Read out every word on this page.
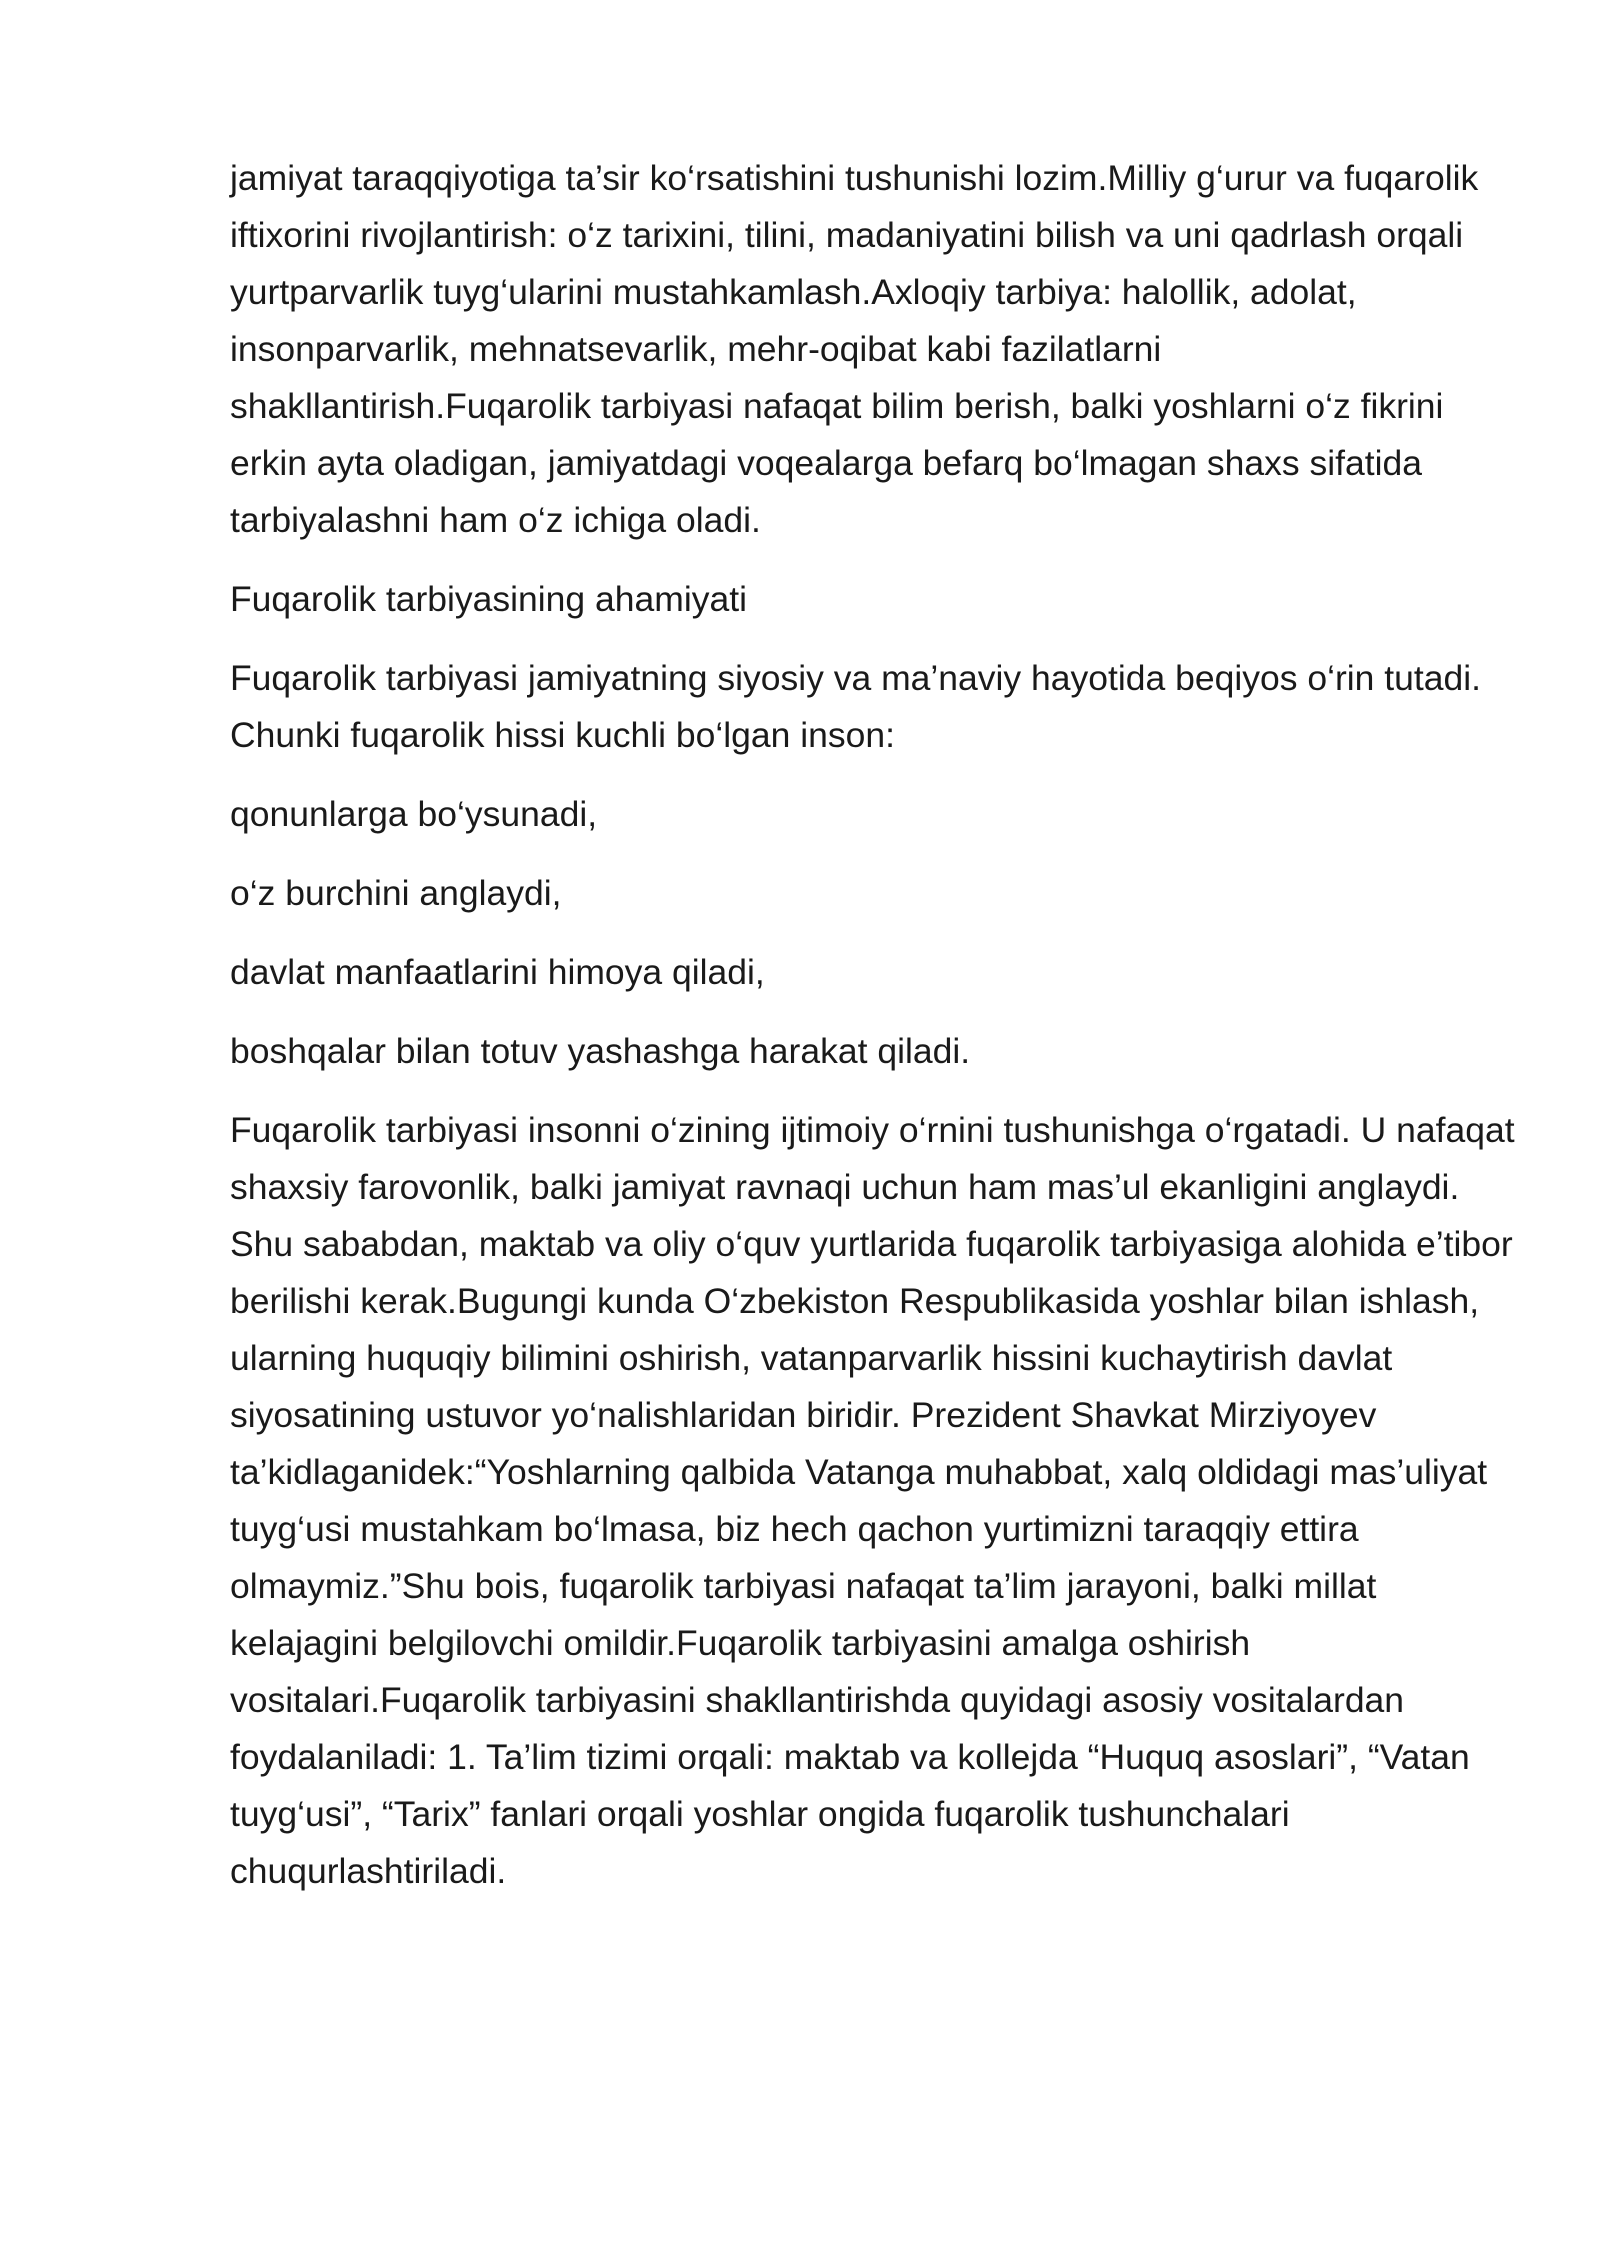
jamiyat taraqqiyotiga ta’sir ko‘rsatishini tushunishi lozim.Milliy g‘urur va fuqarolik iftixorini rivojlantirish: o‘z tarixini, tilini, madaniyatini bilish va uni qadrlash orqali yurtparvarlik tuyg‘ularini mustahkamlash.Axloqiy tarbiya: halollik, adolat, insonparvarlik, mehnatsevarlik, mehr-oqibat kabi fazilatlarni shakllantirish.Fuqarolik tarbiyasi nafaqat bilim berish, balki yoshlarni o‘z fikrini erkin ayta oladigan, jamiyatdagi voqealarga befarq bo‘lmagan shaxs sifatida tarbiyalashni ham o‘z ichiga oladi.

Fuqarolik tarbiyasining ahamiyati

Fuqarolik tarbiyasi jamiyatning siyosiy va ma’naviy hayotida beqiyos o‘rin tutadi. Chunki fuqarolik hissi kuchli bo‘lgan inson:

qonunlarga bo‘ysunadi,

o‘z burchini anglaydi,

davlat manfaatlarini himoya qiladi,

boshqalar bilan totuv yashashga harakat qiladi.

Fuqarolik tarbiyasi insonni o‘zining ijtimoiy o‘rnini tushunishga o‘rgatadi. U nafaqat shaxsiy farovonlik, balki jamiyat ravnaqi uchun ham mas’ul ekanligini anglaydi. Shu sababdan, maktab va oliy o‘quv yurtlarida fuqarolik tarbiyasiga alohida e’tibor berilishi kerak.Bugungi kunda O‘zbekiston Respublikasida yoshlar bilan ishlash, ularning huquqiy bilimini oshirish, vatanparvarlik hissini kuchaytirish davlat siyosatining ustuvor yo‘nalishlaridan biridir. Prezident Shavkat Mirziyoyev ta’kidlaganidek:“Yoshlarning qalbida Vatanga muhabbat, xalq oldidagi mas’uliyat tuyg‘usi mustahkam bo‘lmasa, biz hech qachon yurtimizni taraqqiy ettira olmaymiz.”Shu bois, fuqarolik tarbiyasi nafaqat ta’lim jarayoni, balki millat kelajagini belgilovchi omildir.Fuqarolik tarbiyasini amalga oshirish vositalari.Fuqarolik tarbiyasini shakllantirishda quyidagi asosiy vositalardan foydalaniladi: 1. Ta’lim tizimi orqali: maktab va kollejda “Huquq asoslari”, “Vatan tuyg‘usi”, “Tarix” fanlari orqali yoshlar ongida fuqarolik tushunchalari chuqurlashtiriladi.
